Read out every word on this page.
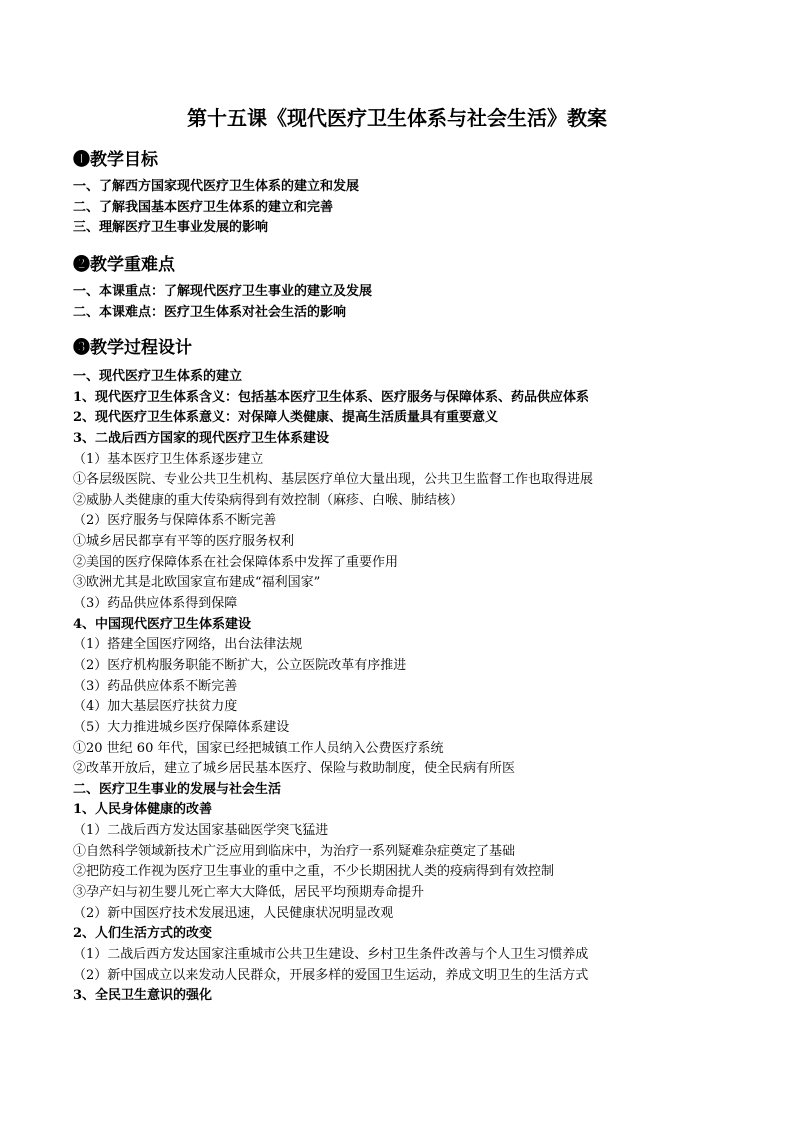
第十五课《现代医疗卫生体系与社会生活》教案
❶教学目标
一、了解西方国家现代医疗卫生体系的建立和发展
二、了解我国基本医疗卫生体系的建立和完善
三、理解医疗卫生事业发展的影响
❷教学重难点
一、本课重点：了解现代医疗卫生事业的建立及发展
二、本课难点：医疗卫生体系对社会生活的影响
❸教学过程设计
一、现代医疗卫生体系的建立
1、现代医疗卫生体系含义：包括基本医疗卫生体系、医疗服务与保障体系、药品供应体系
2、现代医疗卫生体系意义：对保障人类健康、提高生活质量具有重要意义
3、二战后西方国家的现代医疗卫生体系建设
（1）基本医疗卫生体系逐步建立
①各层级医院、专业公共卫生机构、基层医疗单位大量出现，公共卫生监督工作也取得进展
②威胁人类健康的重大传染病得到有效控制（麻疹、白喉、肺结核）
（2）医疗服务与保障体系不断完善
①城乡居民都享有平等的医疗服务权利
②美国的医疗保障体系在社会保障体系中发挥了重要作用
③欧洲尤其是北欧国家宣布建成“福利国家”
（3）药品供应体系得到保障
4、中国现代医疗卫生体系建设
（1）搭建全国医疗网络，出台法律法规
（2）医疗机构服务职能不断扩大，公立医院改革有序推进
（3）药品供应体系不断完善
（4）加大基层医疗扶贫力度
（5）大力推进城乡医疗保障体系建设
①20 世纪 60 年代，国家已经把城镇工作人员纳入公费医疗系统
②改革开放后，建立了城乡居民基本医疗、保险与救助制度，使全民病有所医
二、医疗卫生事业的发展与社会生活
1、人民身体健康的改善
（1）二战后西方发达国家基础医学突飞猛进
①自然科学领域新技术广泛应用到临床中，为治疗一系列疑难杂症奠定了基础
②把防疫工作视为医疗卫生事业的重中之重，不少长期困扰人类的疫病得到有效控制
③孕产妇与初生婴儿死亡率大大降低，居民平均预期寿命提升
（2）新中国医疗技术发展迅速，人民健康状况明显改观
2、人们生活方式的改变
（1）二战后西方发达国家注重城市公共卫生建设、乡村卫生条件改善与个人卫生习惯养成
（2）新中国成立以来发动人民群众，开展多样的爱国卫生运动，养成文明卫生的生活方式
3、全民卫生意识的强化
